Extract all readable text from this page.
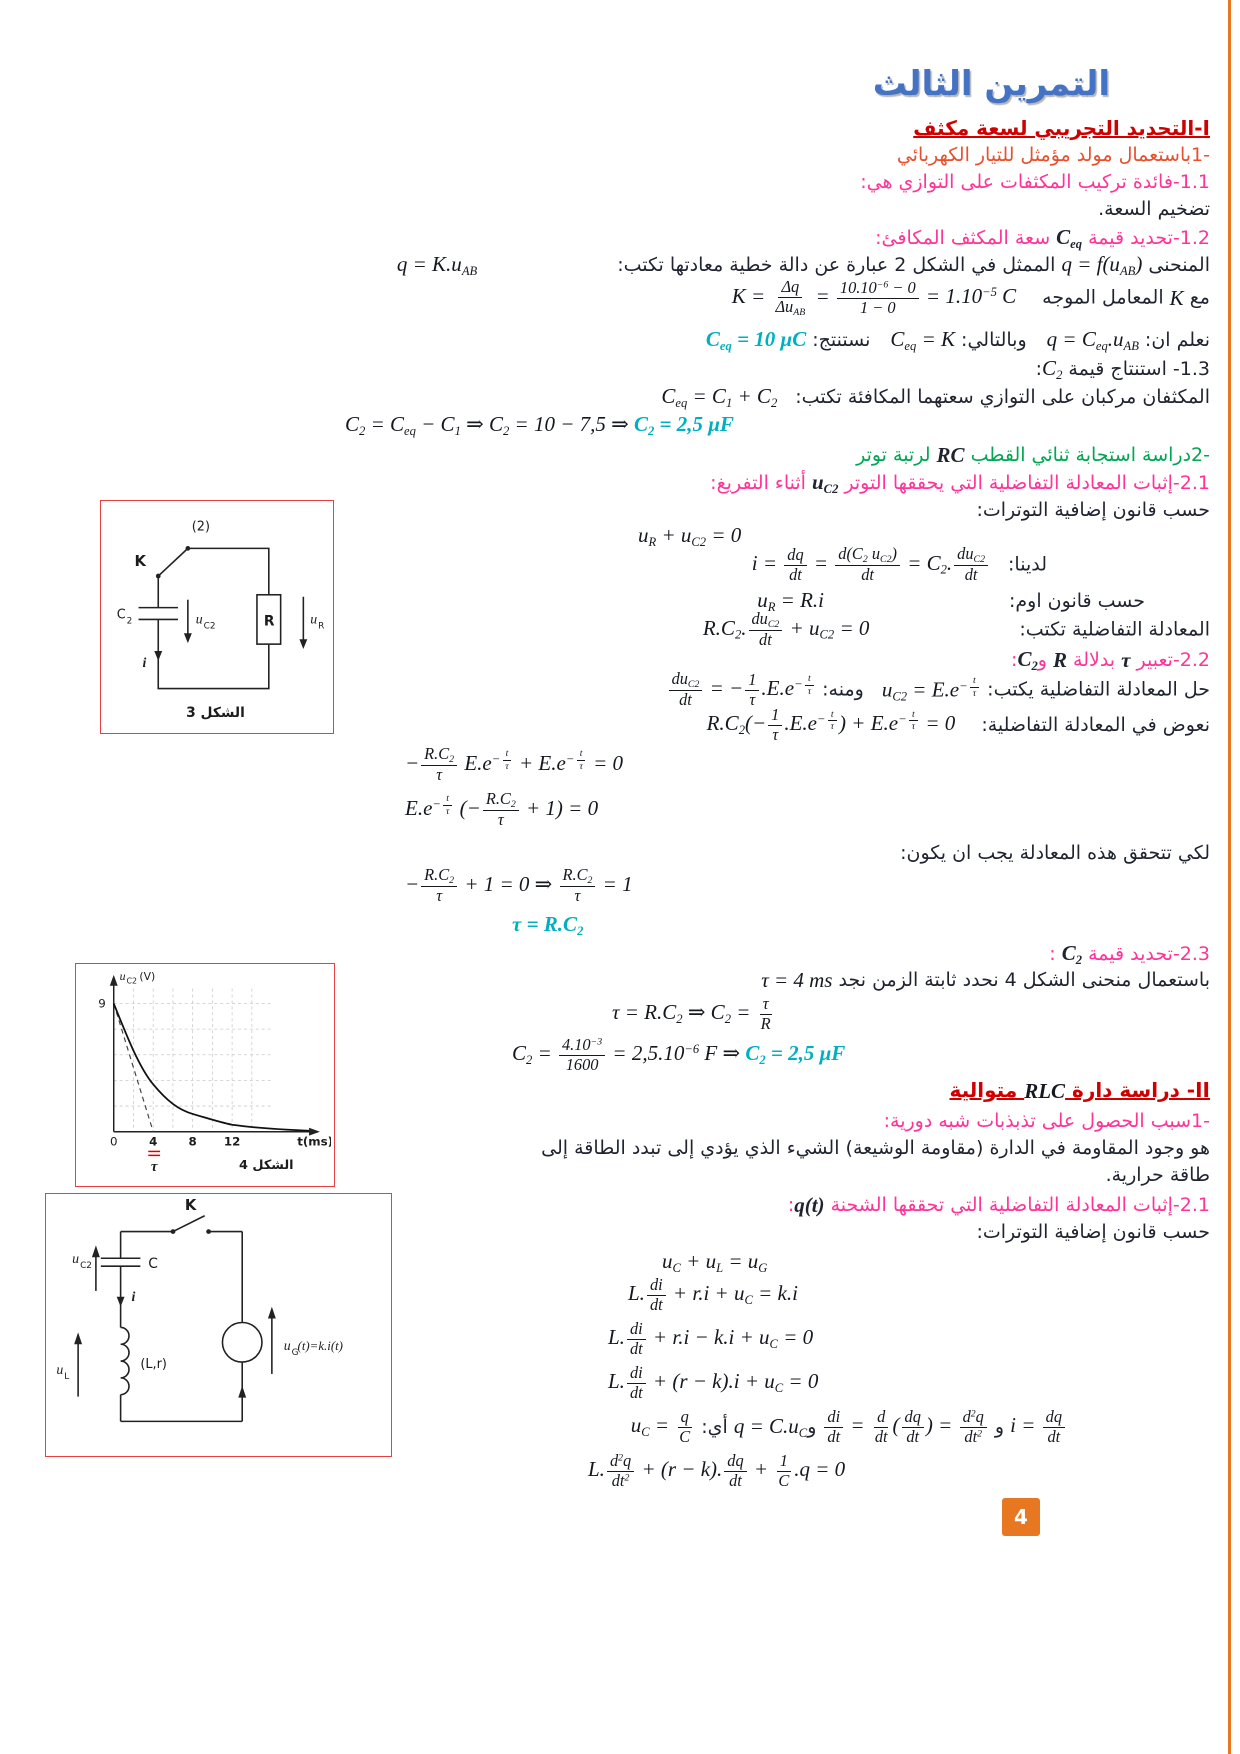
التمرين الثالث
I-التحديد التجريبي لسعة مكثف
-1باستعمال مولد مؤمثل للتيار الكهربائي
1.1-فائدة تركيب المكثفات على التوازي هي:
تضخيم السعة.
1.2-تحديد قيمة $C_{eq}$ سعة المكثف المكافئ:
المنحنى $q = f(u_{AB})$ الممثل في الشكل 2 عبارة عن دالة خطية معادتها تكتب:q = $K.u_{AB}$
مع K المعامل الموجه $K = \frac{\Delta q}{\Delta u_{AB}} = \frac{10.10^{-6} - 0}{1 - 0} = 1.10^{-5}$ C
نعلم ان: $q = C_{eq}.u_{AB}$ وبالتالي: $C_{eq} = K$ نستنتج: $C_{eq} = 10$ μC
1.3- استنتاج قيمة $C_2$:
المكثفان مركبان على التوازي سعتهما المكافئة تكتب: $C_{eq} = C_1 + C_2$
$C_2 = C_{eq} - C_1$ ⇒ $C_2 = 10 - 7,5$ ⇒ $C_2 = 2,5$ μF
-2دراسة استجابة ثنائي القطب RC لرتبة توتر
2.1-إثبات المعادلة التفاضلية التي يحققها التوتر $u_{C2}$ أثناء التفريغ:
حسب قانون إضافية التوترات:
$u_R + u_{C2} = 0$
لدينا: $i = \frac{dq}{dt} = \frac{d(C_2 u_{C2})}{dt} = C_2$. $\frac{du_{C2}}{dt}$
حسب قانون $اوم:u_R = R.i$
المعادلة التفاضلية $تكتب:R.C_2$. $\frac{du_{C2}}{dt} + u_{C2} = 0$
2.2-تعبير τ بدلالة R وC$_2$:
حل المعادلة التفاضلية يكتب: $u_{C2} = E.e^{- \frac{t}{\tau}}$
ومنه:
$\frac{du_{C2}}{dt}$ = − $\frac{1}{\tau} .E.e^{- \frac{t}{\tau}}$
نعوض في المعادلة التفاضلية: $R.C_2(- \frac{1}{\tau} .E.e^{- \frac{t}{\tau}}$ ) + $E.e^{- \frac{t}{\tau}} = 0$
− $\frac{R.C_2}{\tau} E.e^{- \frac{t}{\tau}} + E.e^{- \frac{t}{\tau}} = 0$
$E.e^{- \frac{t}{\tau}}$ (− $\frac{R.C_2}{\tau} + 1) = 0$
لكي تتحقق هذه المعادلة يجب ان يكون:
− $\frac{R.C_2}{\tau} + 1 = 0$ ⇒ $\frac{R.C_2}{\tau} = 1$
$\tau = R.C_2$
2.3-تحديد قيمة $C_2$ :
باستعمال منحنى الشكل 4 نحدد ثابتة الزمن نجد τ = 4 ms
$\tau = R.C_2$ ⇒ $C_2 = \frac{\tau}{R}$
$C_2 = \frac{4.10^{-3}}{1600} = 2,5.10^{-6}$ F ⇒ $C_2 = 2,5$ μF
II- دراسة دارة RLC متوالية
-1سبب الحصول على تذبذبات شبه دورية:
هو وجود المقاومة في الدارة (مقاومة الوشيعة) الشيء الذي يؤدي إلى تبدد الطاقة إلى
طاقة حرارية.
2.1-إثبات المعادلة التفاضلية التي تحققها الشحنة q(t):
حسب قانون إضافية التوترات:
$u_C + u_L = u_G$
L. $\frac{di}{dt} + r.i + u_C = k.i$
L. $\frac{di}{dt} + r.i - k.i + u_C = 0$
L. $\frac{di}{dt} + (r - k).i + u_C = 0$
$i = \frac{dq}{dt}$
و
$\frac{di}{dt} = \frac{d}{dt}$ ( $\frac{dq}{dt}$ ) = $\frac{d^2q}{dt^2}$
وq = $C.u_C$ أي: $u_C = \frac{q}{C}$
L. $\frac{d^2q}{dt^2} + (r - k)$. $\frac{dq}{dt} + \frac{1}{C} .q = 0$
(2)
K
C 2	u C2	R	u R
i
الشكل 3
u C2 (V)
9
0	4	8 12	t(ms)
τ	الشكل 4
K
u C2	C
i
(L,r)
u L
u G (t)=k.i(t)
4
